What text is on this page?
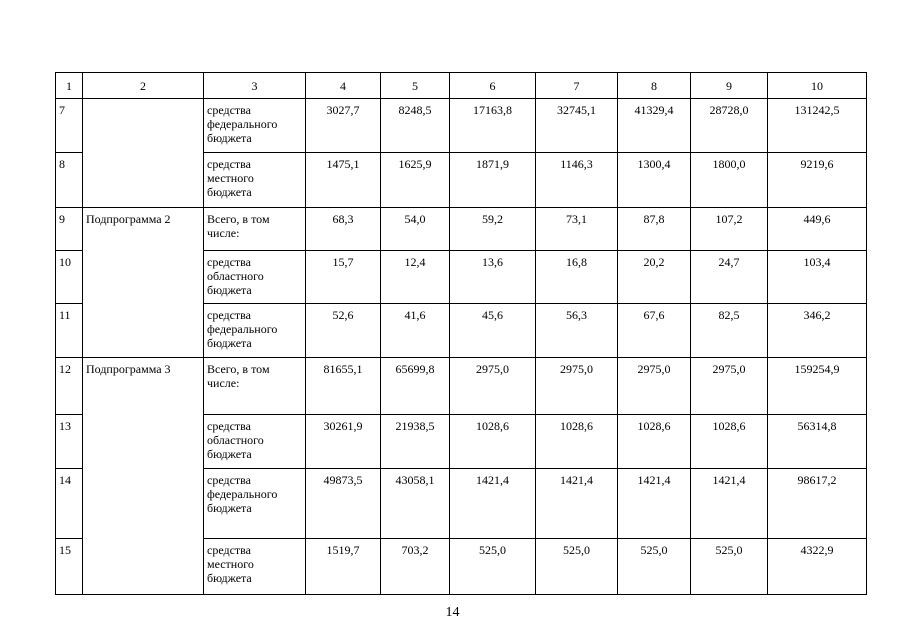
1	2	3	4	5	6	7	8	9	10
7		средства
федерального
бюджета	3027,7	8248,5	17163,8	32745,1	41329,4	28728,0	131242,5
8		средства
местного
бюджета	1475,1	1625,9	1871,9	1146,3	1300,4	1800,0	9219,6
9	Подпрограмма 2	Всего, в том
числе:	68,3	54,0	59,2	73,1	87,8	107,2	449,6
10		средства
областного
бюджета	15,7	12,4	13,6	16,8	20,2	24,7	103,4
11		средства
федерального
бюджета	52,6	41,6	45,6	56,3	67,6	82,5	346,2
12	Подпрограмма 3	Всего, в том
числе:	81655,1	65699,8	2975,0	2975,0	2975,0	2975,0	159254,9
13		средства
областного
бюджета	30261,9	21938,5	1028,6	1028,6	1028,6	1028,6	56314,8
14		средства
федерального
бюджета	49873,5	43058,1	1421,4	1421,4	1421,4	1421,4	98617,2
15		средства
местного
бюджета	1519,7	703,2	525,0	525,0	525,0	525,0	4322,9
14
